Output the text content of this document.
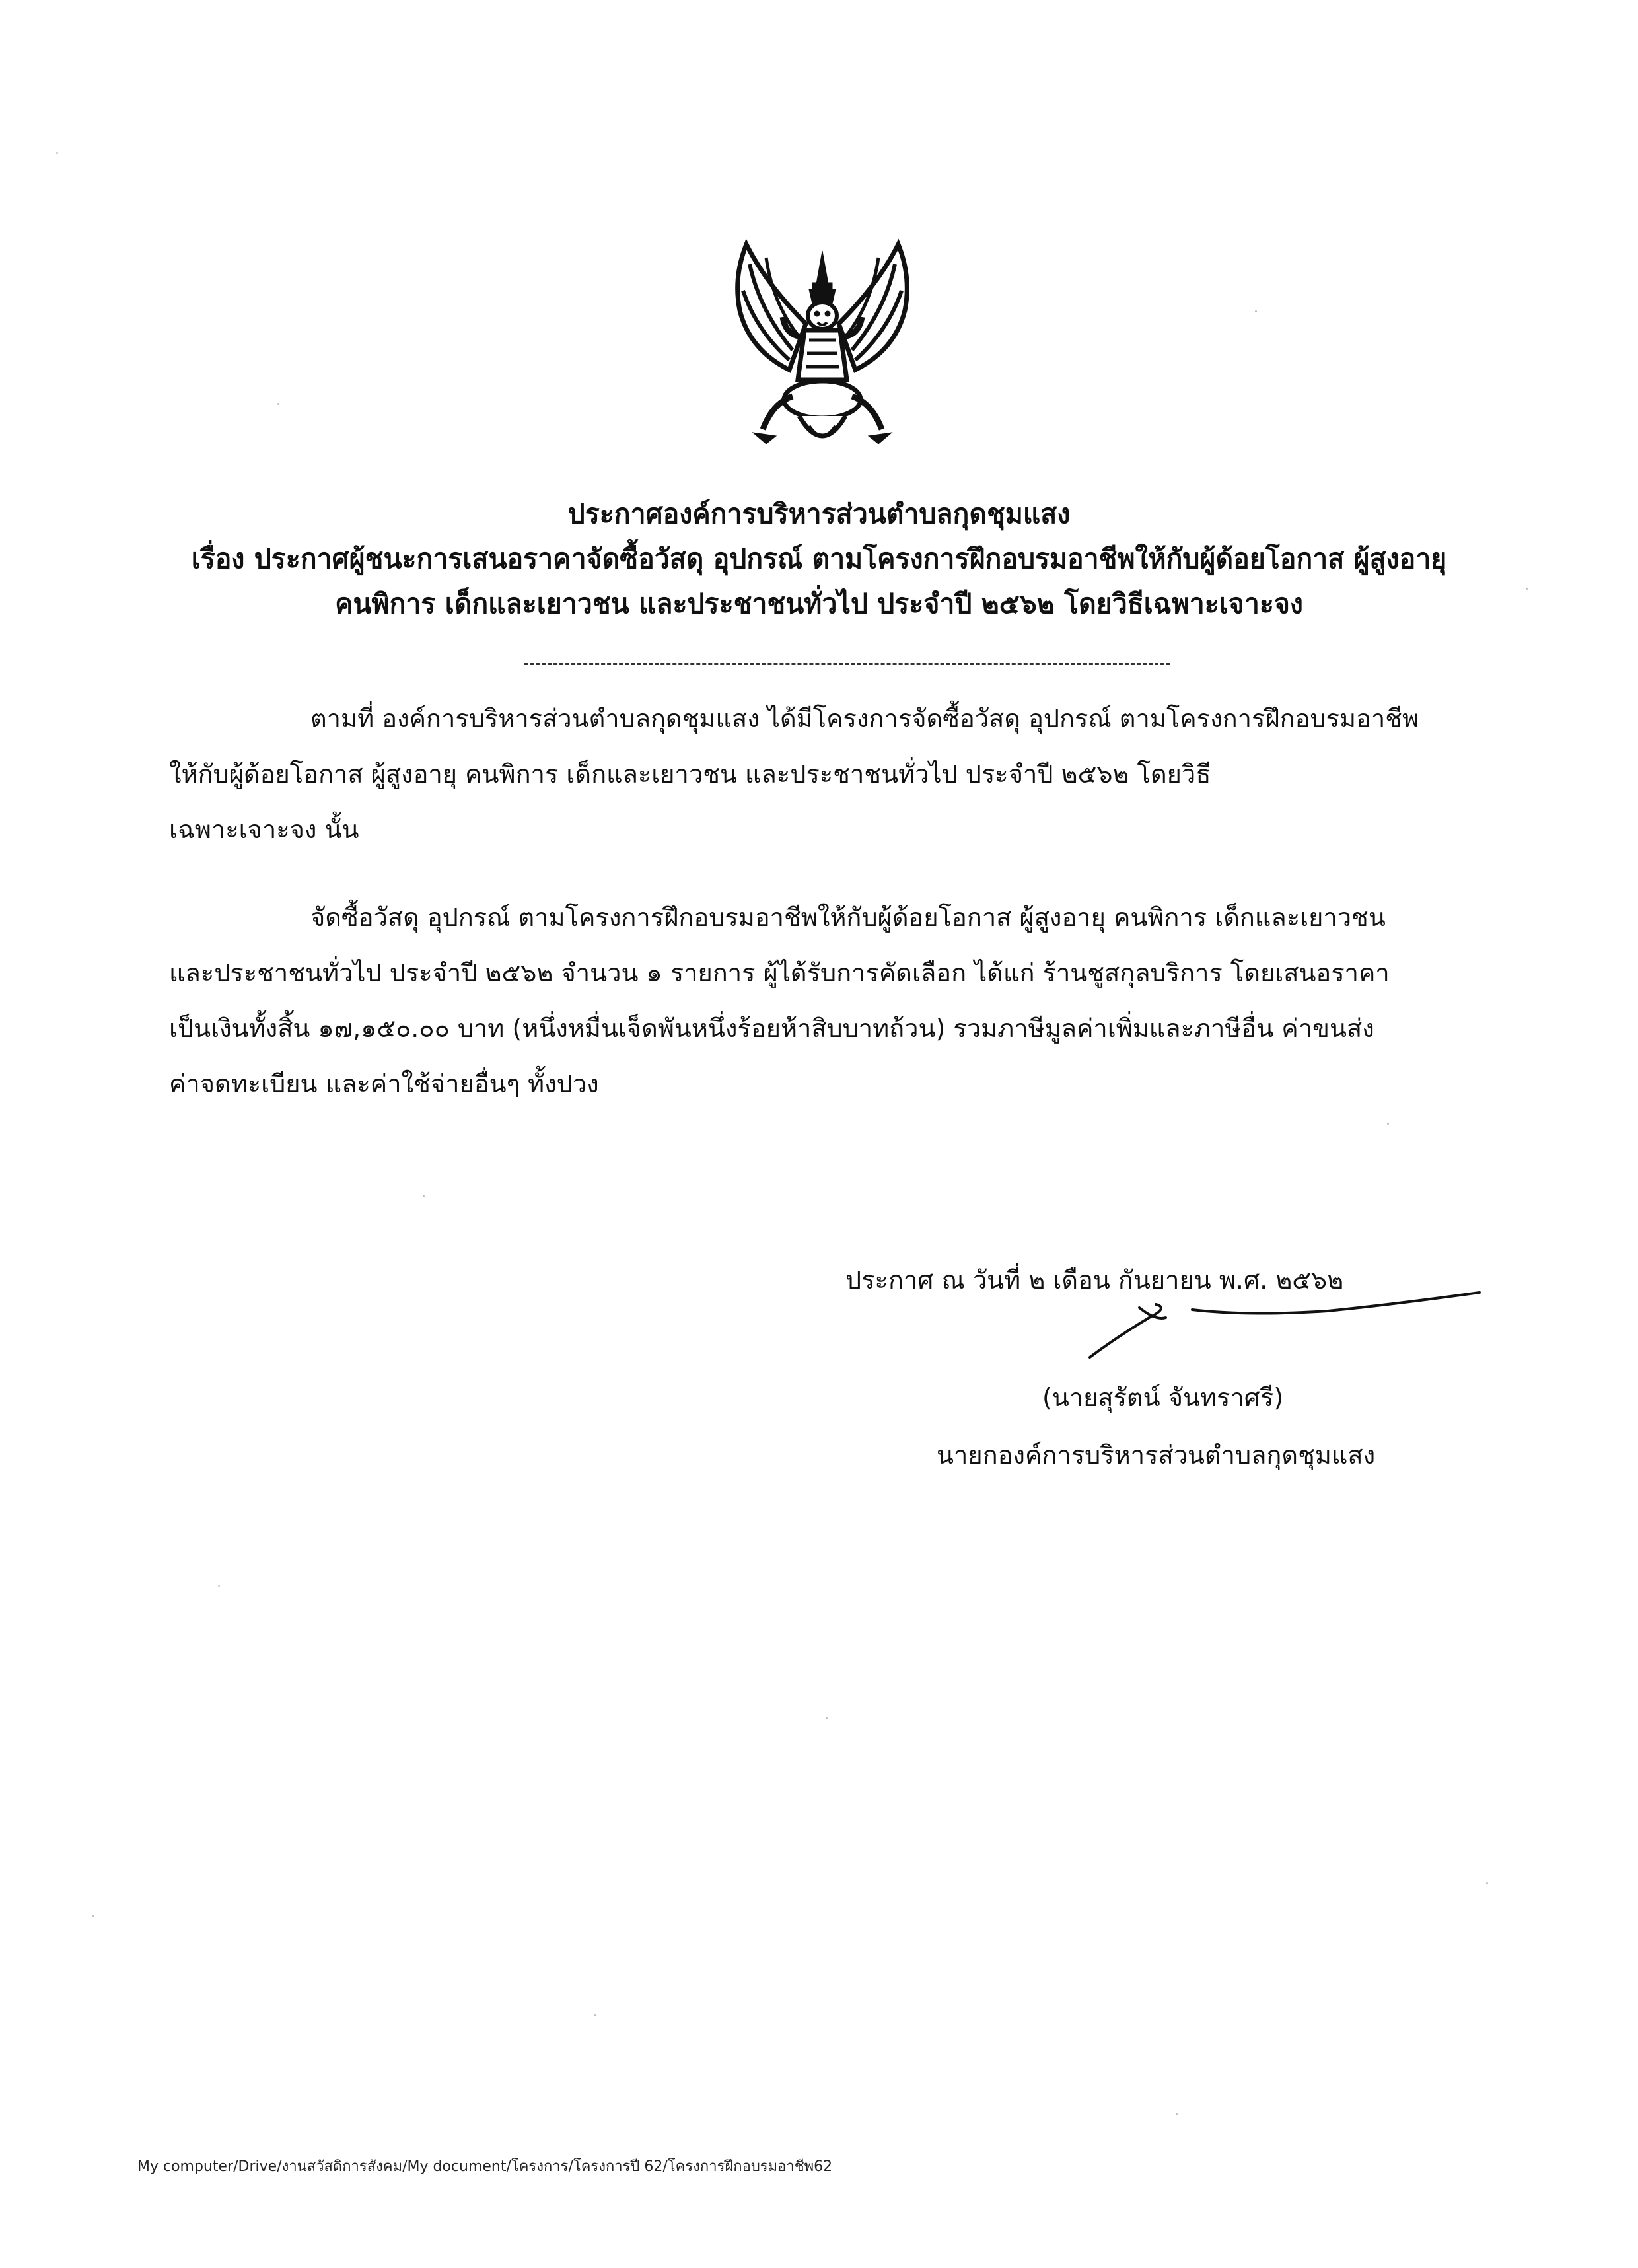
ประกาศองค์การบริหารส่วนตำบลกุดชุมแสง
เรื่อง ประกาศผู้ชนะการเสนอราคาจัดซื้อวัสดุ อุปกรณ์ ตามโครงการฝึกอบรมอาชีพให้กับผู้ด้อยโอกาส ผู้สูงอายุ
คนพิการ เด็กและเยาวชน และประชาชนทั่วไป ประจำปี ๒๕๖๒ โดยวิธีเฉพาะเจาะจง
ตามที่ องค์การบริหารส่วนตำบลกุดชุมแสง ได้มีโครงการจัดซื้อวัสดุ อุปกรณ์ ตามโครงการฝึกอบรมอาชีพ
ให้กับผู้ด้อยโอกาส ผู้สูงอายุ คนพิการ เด็กและเยาวชน และประชาชนทั่วไป ประจำปี ๒๕๖๒ โดยวิธี
เฉพาะเจาะจง นั้น
จัดซื้อวัสดุ อุปกรณ์ ตามโครงการฝึกอบรมอาชีพให้กับผู้ด้อยโอกาส ผู้สูงอายุ คนพิการ เด็กและเยาวชน
และประชาชนทั่วไป ประจำปี ๒๕๖๒ จำนวน ๑ รายการ ผู้ได้รับการคัดเลือก ได้แก่ ร้านชูสกุลบริการ โดยเสนอราคา
เป็นเงินทั้งสิ้น ๑๗,๑๕๐.๐๐ บาท (หนึ่งหมื่นเจ็ดพันหนึ่งร้อยห้าสิบบาทถ้วน) รวมภาษีมูลค่าเพิ่มและภาษีอื่น ค่าขนส่ง
ค่าจดทะเบียน และค่าใช้จ่ายอื่นๆ ทั้งปวง
ประกาศ ณ วันที่ ๒ เดือน กันยายน พ.ศ. ๒๕๖๒
(นายสุรัตน์ จันทราศรี)
นายกองค์การบริหารส่วนตำบลกุดชุมแสง
My computer/Drive/งานสวัสดิการสังคม/My document/โครงการ/โครงการปี 62/โครงการฝึกอบรมอาชีพ62
